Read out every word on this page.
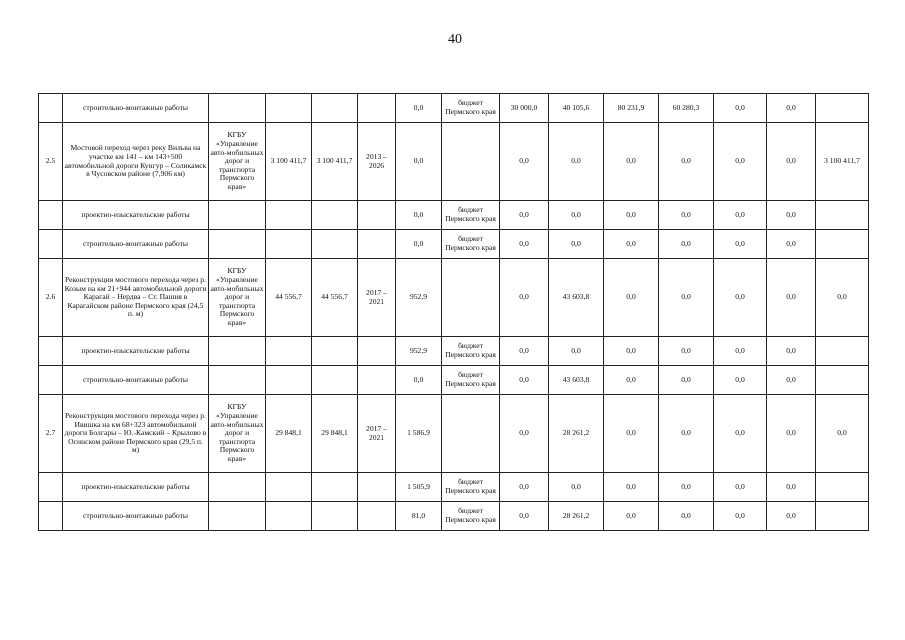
40
	строительно-монтажные работы					0,0	бюджет Пермского края	30 000,0	40 105,6	80 231,9	60 280,3	0,0	0,0	
2.5	Мостовой переход через реку Вильва на участке км 141 – км 143+500 автомобильной дороги Кунгур – Соликамск в Чусовском районе (7,906 км)	КГБУ «Управление авто-мобильных дорог и транспорта Пермского края»	3 100 411,7	3 100 411,7	2013 – 2026	0,0		0,0	0,0	0,0	0,0	0,0	0,0	3 100 411,7
	проектно-изыскательские работы					0,0	бюджет Пермского края	0,0	0,0	0,0	0,0	0,0	0,0	
	строительно-монтажные работы					0,0	бюджет Пермского края	0,0	0,0	0,0	0,0	0,0	0,0	
2.6	Реконструкция мостового перехода через р. Козым на км 21+944 автомобильной дороги Карагай – Нердва – Ст. Пашня в Карагайском районе Пермского края (24,5 п. м)	КГБУ «Управление авто-мобильных дорог и транспорта Пермского края»	44 556,7	44 556,7	2017 – 2021	952,9		0,0	43 603,8	0,0	0,0	0,0	0,0	0,0
	проектно-изыскательские работы					952,9	бюджет Пермского края	0,0	0,0	0,0	0,0	0,0	0,0	
	строительно-монтажные работы					0,0	бюджет Пермского края	0,0	43 603,8	0,0	0,0	0,0	0,0	
2.7	Реконструкция мостового перехода через р. Ивишка на км 68+323 автомобильной дороги Болгары – Ю.-Камский – Крылово в Осинском районе Пермского края (29,5 п. м)	КГБУ «Управление авто-мобильных дорог и транспорта Пермского края»	29 848,1	29 848,1	2017 – 2021	1 586,9		0,0	28 261,2	0,0	0,0	0,0	0,0	0,0
	проектно-изыскательские работы					1 505,9	бюджет Пермского края	0,0	0,0	0,0	0,0	0,0	0,0	
	строительно-монтажные работы					81,0	бюджет Пермского края	0,0	28 261,2	0,0	0,0	0,0	0,0	
